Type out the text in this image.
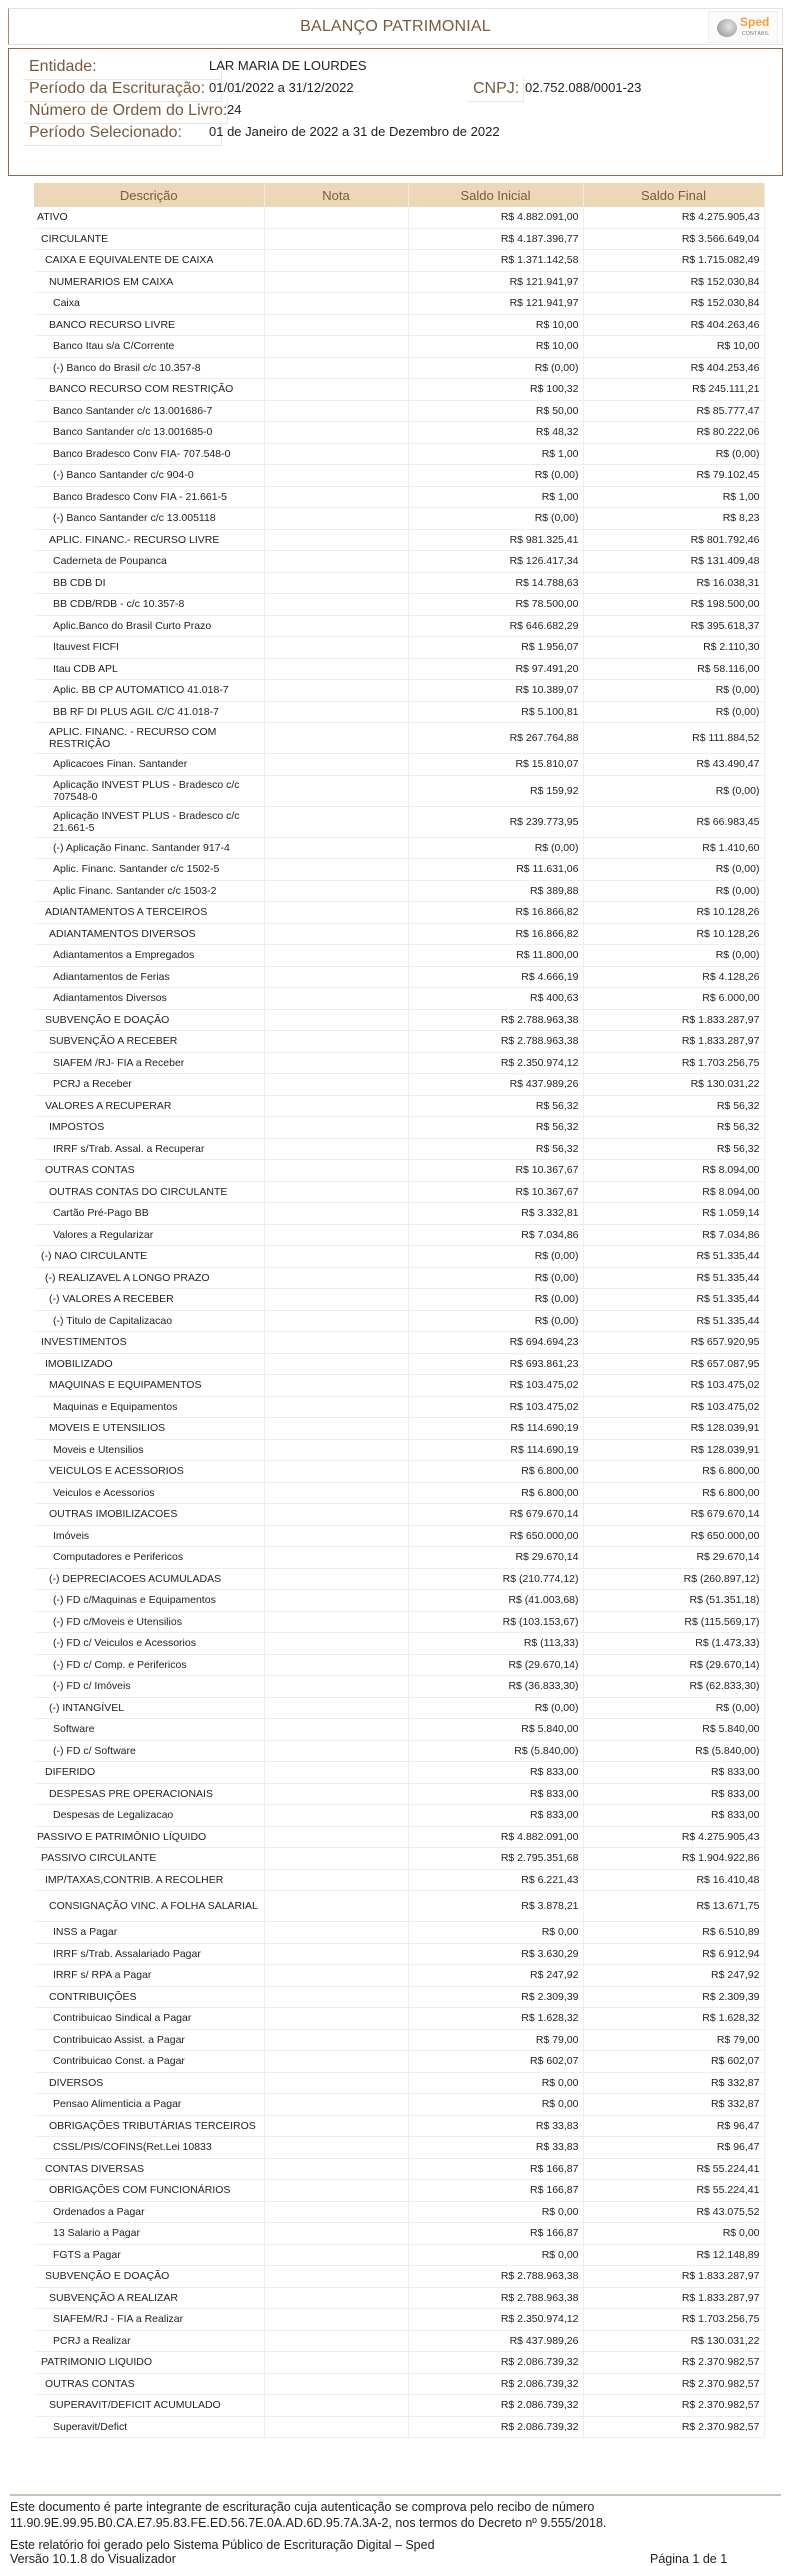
BALANÇO PATRIMONIAL	Sped
CONTÁBIL
Entidade:	LAR MARIA DE LOURDES
Período da Escrituração: 01/01/2022 a 31/12/2022	CNPJ: 02.752.088/0001-23
Número de Ordem do Livro: 24
Período Selecionado:	01 de Janeiro de 2022 a 31 de Dezembro de 2022
Descrição	Nota	Saldo Inicial	Saldo Final
ATIVO		R$ 4.882.091,00	R$ 4.275.905,43
CIRCULANTE		R$ 4.187.396,77	R$ 3.566.649,04
CAIXA E EQUIVALENTE DE CAIXA		R$ 1.371.142,58	R$ 1.715.082,49
NUMERARIOS EM CAIXA		R$ 121.941,97	R$ 152.030,84
Caixa		R$ 121.941,97	R$ 152.030,84
BANCO RECURSO LIVRE		R$ 10,00	R$ 404.263,46
Banco Itau s/a C/Corrente		R$ 10,00	R$ 10,00
(-) Banco do Brasil c/c 10.357-8		R$ (0,00)	R$ 404.253,46
BANCO RECURSO COM RESTRIÇÃO		R$ 100,32	R$ 245.111,21
Banco Santander c/c 13.001686-7		R$ 50,00	R$ 85.777,47
Banco Santander c/c 13.001685-0		R$ 48,32	R$ 80.222,06
Banco Bradesco Conv FIA- 707.548-0		R$ 1,00	R$ (0,00)
(-) Banco Santander c/c 904-0		R$ (0,00)	R$ 79.102,45
Banco Bradesco Conv FIA - 21.661-5		R$ 1,00	R$ 1,00
(-) Banco Santander c/c 13.005118		R$ (0,00)	R$ 8,23
APLIC. FINANC.- RECURSO LIVRE		R$ 981.325,41	R$ 801.792,46
Caderneta de Poupanca		R$ 126.417,34	R$ 131.409,48
BB CDB DI		R$ 14.788,63	R$ 16.038,31
BB CDB/RDB - c/c 10.357-8		R$ 78.500,00	R$ 198.500,00
Aplic.Banco do Brasil Curto Prazo		R$ 646.682,29	R$ 395.618,37
Itauvest FICFI		R$ 1.956,07	R$ 2.110,30
Itau CDB APL		R$ 97.491,20	R$ 58.116,00
Aplic. BB CP AUTOMATICO 41.018-7		R$ 10.389,07	R$ (0,00)
BB RF DI PLUS AGIL C/C 41.018-7		R$ 5.100,81	R$ (0,00)
APLIC. FINANC. - RECURSO COM RESTRIÇÃO		R$ 267.764,88	R$ 111.884,52
Aplicacoes Finan. Santander		R$ 15.810,07	R$ 43.490,47
Aplicação INVEST PLUS - Bradesco c/c 707548-0		R$ 159,92	R$ (0,00)
Aplicação INVEST PLUS - Bradesco c/c 21.661-5		R$ 239.773,95	R$ 66.983,45
(-) Aplicação Financ. Santander 917-4		R$ (0,00)	R$ 1.410,60
Aplic. Financ. Santander c/c 1502-5		R$ 11.631,06	R$ (0,00)
Aplic Financ. Santander c/c 1503-2		R$ 389,88	R$ (0,00)
ADIANTAMENTOS A TERCEIROS		R$ 16.866,82	R$ 10.128,26
ADIANTAMENTOS DIVERSOS		R$ 16.866,82	R$ 10.128,26
Adiantamentos a Empregados		R$ 11.800,00	R$ (0,00)
Adiantamentos de Ferias		R$ 4.666,19	R$ 4.128,26
Adiantamentos Diversos		R$ 400,63	R$ 6.000,00
SUBVENÇÃO E DOAÇÃO		R$ 2.788.963,38	R$ 1.833.287,97
SUBVENÇÃO A RECEBER		R$ 2.788.963,38	R$ 1.833.287,97
SIAFEM /RJ- FIA a Receber		R$ 2.350.974,12	R$ 1.703.256,75
PCRJ a Receber		R$ 437.989,26	R$ 130.031,22
VALORES A RECUPERAR		R$ 56,32	R$ 56,32
IMPOSTOS		R$ 56,32	R$ 56,32
IRRF s/Trab. Assal. a Recuperar		R$ 56,32	R$ 56,32
OUTRAS CONTAS		R$ 10.367,67	R$ 8.094,00
OUTRAS CONTAS DO CIRCULANTE		R$ 10.367,67	R$ 8.094,00
Cartão Pré-Pago BB		R$ 3.332,81	R$ 1.059,14
Valores a Regularizar		R$ 7.034,86	R$ 7.034,86
(-) NAO CIRCULANTE		R$ (0,00)	R$ 51.335,44
(-) REALIZAVEL A LONGO PRAZO		R$ (0,00)	R$ 51.335,44
(-) VALORES A RECEBER		R$ (0,00)	R$ 51.335,44
(-) Titulo de Capitalizacao		R$ (0,00)	R$ 51.335,44
INVESTIMENTOS		R$ 694.694,23	R$ 657.920,95
IMOBILIZADO		R$ 693.861,23	R$ 657.087,95
MAQUINAS E EQUIPAMENTOS		R$ 103.475,02	R$ 103.475,02
Maquinas e Equipamentos		R$ 103.475,02	R$ 103.475,02
MOVEIS E UTENSILIOS		R$ 114.690,19	R$ 128.039,91
Moveis e Utensilios		R$ 114.690,19	R$ 128.039,91
VEICULOS E ACESSORIOS		R$ 6.800,00	R$ 6.800,00
Veiculos e Acessorios		R$ 6.800,00	R$ 6.800,00
OUTRAS IMOBILIZACOES		R$ 679.670,14	R$ 679.670,14
Imóveis		R$ 650.000,00	R$ 650.000,00
Computadores e Perifericos		R$ 29.670,14	R$ 29.670,14
(-) DEPRECIACOES ACUMULADAS		R$ (210.774,12)	R$ (260.897,12)
(-) FD c/Maquinas e Equipamentos		R$ (41.003,68)	R$ (51.351,18)
(-) FD c/Moveis e Utensilios		R$ (103.153,67)	R$ (115.569,17)
(-) FD c/ Veiculos e Acessorios		R$ (113,33)	R$ (1.473,33)
(-) FD c/ Comp. e Perifericos		R$ (29.670,14)	R$ (29.670,14)
(-) FD c/ Imóveis		R$ (36.833,30)	R$ (62.833,30)
(-) INTANGÍVEL		R$ (0,00)	R$ (0,00)
Software		R$ 5.840,00	R$ 5.840,00
(-) FD c/ Software		R$ (5.840,00)	R$ (5.840,00)
DIFERIDO		R$ 833,00	R$ 833,00
DESPESAS PRE OPERACIONAIS		R$ 833,00	R$ 833,00
Despesas de Legalizacao		R$ 833,00	R$ 833,00
PASSIVO E PATRIMÔNIO LÍQUIDO		R$ 4.882.091,00	R$ 4.275.905,43
PASSIVO CIRCULANTE		R$ 2.795.351,68	R$ 1.904.922,86
IMP/TAXAS,CONTRIB. A RECOLHER		R$ 6.221,43	R$ 16.410,48
CONSIGNAÇÃO VINC. A FOLHA SALARIAL		R$ 3.878,21	R$ 13.671,75
INSS a Pagar		R$ 0,00	R$ 6.510,89
IRRF s/Trab. Assalariado Pagar		R$ 3.630,29	R$ 6.912,94
IRRF s/ RPA a Pagar		R$ 247,92	R$ 247,92
CONTRIBUIÇÕES		R$ 2.309,39	R$ 2.309,39
Contribuicao Sindical a Pagar		R$ 1.628,32	R$ 1.628,32
Contribuicao Assist. a Pagar		R$ 79,00	R$ 79,00
Contribuicao Const. a Pagar		R$ 602,07	R$ 602,07
DIVERSOS		R$ 0,00	R$ 332,87
Pensao Alimenticia a Pagar		R$ 0,00	R$ 332,87
OBRIGAÇÕES TRIBUTÁRIAS TERCEIROS		R$ 33,83	R$ 96,47
CSSL/PIS/COFINS(Ret.Lei 10833		R$ 33,83	R$ 96,47
CONTAS DIVERSAS		R$ 166,87	R$ 55.224,41
OBRIGAÇÕES COM FUNCIONÁRIOS		R$ 166,87	R$ 55.224,41
Ordenados a Pagar		R$ 0,00	R$ 43.075,52
13 Salario a Pagar		R$ 166,87	R$ 0,00
FGTS a Pagar		R$ 0,00	R$ 12.148,89
SUBVENÇÃO E DOAÇÃO		R$ 2.788.963,38	R$ 1.833.287,97
SUBVENÇÃO A REALIZAR		R$ 2.788.963,38	R$ 1.833.287,97
SIAFEM/RJ - FIA a Realizar		R$ 2.350.974,12	R$ 1.703.256,75
PCRJ a Realizar		R$ 437.989,26	R$ 130.031,22
PATRIMONIO LIQUIDO		R$ 2.086.739,32	R$ 2.370.982,57
OUTRAS CONTAS		R$ 2.086.739,32	R$ 2.370.982,57
SUPERAVIT/DEFICIT ACUMULADO		R$ 2.086.739,32	R$ 2.370.982,57
Superavit/Defict		R$ 2.086.739,32	R$ 2.370.982,57
Este documento é parte integrante de escrituração cuja autenticação se comprova pelo recibo de número
11.90.9E.99.95.B0.CA.E7.95.83.FE.ED.56.7E.0A.AD.6D.95.7A.3A-2, nos termos do Decreto nº 9.555/2018.
Este relatório foi gerado pelo Sistema Público de Escrituração Digital – Sped
Versão 10.1.8 do Visualizador	Página 1 de 1
